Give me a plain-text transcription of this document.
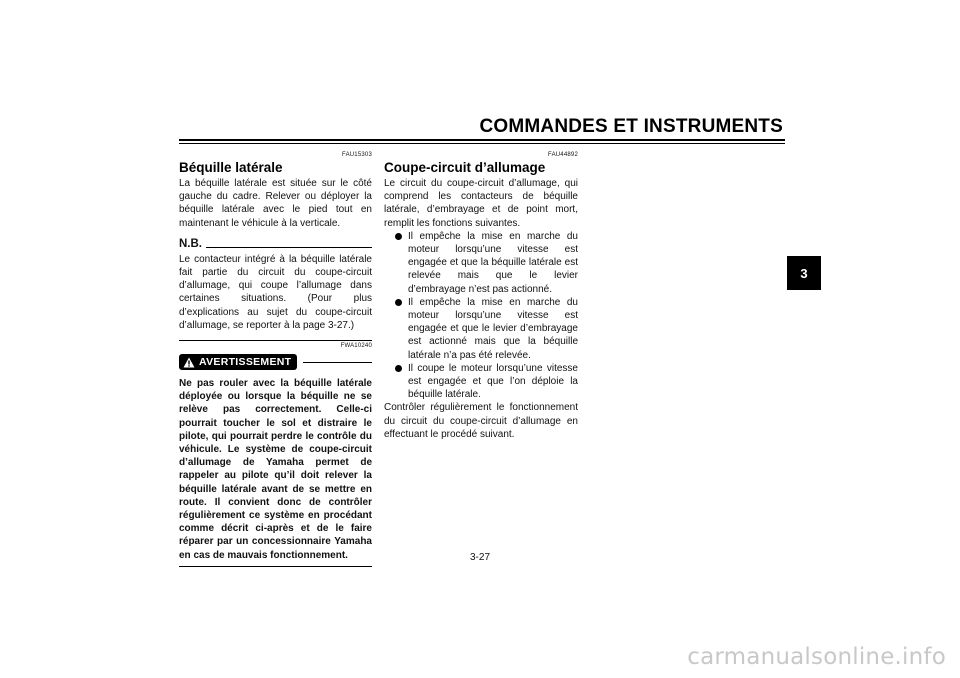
COMMANDES ET INSTRUMENTS
3
FAU15303
Béquille latérale

La béquille latérale est située sur le côté gauche du cadre. Relever ou déployer la béquille latérale avec le pied tout en maintenant le véhicule à la verticale.

N.B.

Le contacteur intégré à la béquille latérale fait partie du circuit du coupe-circuit d’allumage, qui coupe l’allumage dans certaines situations. (Pour plus d’explications au sujet du coupe-circuit d’allumage, se reporter à la page 3-27.)

FWA10240
AVERTISSEMENT

Ne pas rouler avec la béquille latérale déployée ou lorsque la béquille ne se relève pas correctement. Celle-ci pourrait toucher le sol et distraire le pilote, qui pourrait perdre le contrôle du véhicule. Le système de coupe-circuit d’allumage de Yamaha permet de rappeler au pilote qu’il doit relever la béquille latérale avant de se mettre en route. Il convient donc de contrôler régulièrement ce système en procédant comme décrit ci-après et de le faire réparer par un concessionnaire Yamaha en cas de mauvais fonctionnement.

FAU44892
Coupe-circuit d’allumage

Le circuit du coupe-circuit d’allumage, qui comprend les contacteurs de béquille latérale, d’embrayage et de point mort, remplit les fonctions suivantes.

Il empêche la mise en marche du moteur lorsqu’une vitesse est engagée et que la béquille latérale est relevée mais que le levier d’embrayage n’est pas actionné.
Il empêche la mise en marche du moteur lorsqu’une vitesse est engagée et que le levier d’embrayage est actionné mais que la béquille latérale n’a pas été relevée.
Il coupe le moteur lorsqu’une vitesse est engagée et que l’on déploie la béquille latérale.

Contrôler régulièrement le fonctionnement du circuit du coupe-circuit d’allumage en effectuant le procédé suivant.

3-27
carmanualsonline.info
